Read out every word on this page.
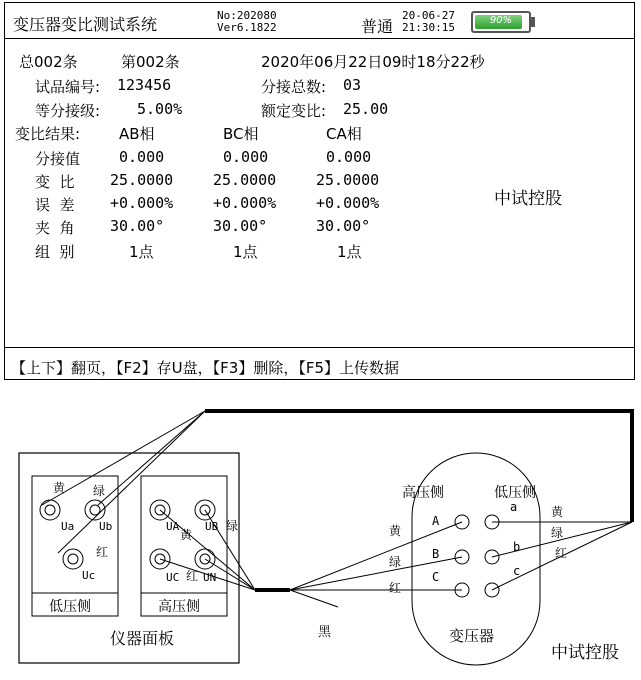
变压器变比测试系统	No:202080
Ver6.1822	普通
20-06-27
21:30:15
90%
总002条	第002条	2020年06月22日09时18分22秒
试品编号: 123456	分接总数: 03
等分接级: 5.00%	额定变比: 25.00
变比结果:	AB相	BC相	CA相
分接值	0.000	0.000	0.000
变  比 25.0000	25.0000	25.0000
误  差 +0.000%	+0.000%	+0.000%
夹  角 30.00°	30.00°	30.00°
组  别	1点	1点	1点
中试控股
【上下】翻页，【F2】存U盘，【F3】删除，【F5】上传数据
仪器面板
低压侧	高压侧
黄 绿
红
Ua Ub
Uc
UA
黄
UB 绿
UC 红 UN
黑
高压侧	低压侧
变压器
黄
绿
红
A
B
C
a
b
c
黄
绿
红
中试控股
